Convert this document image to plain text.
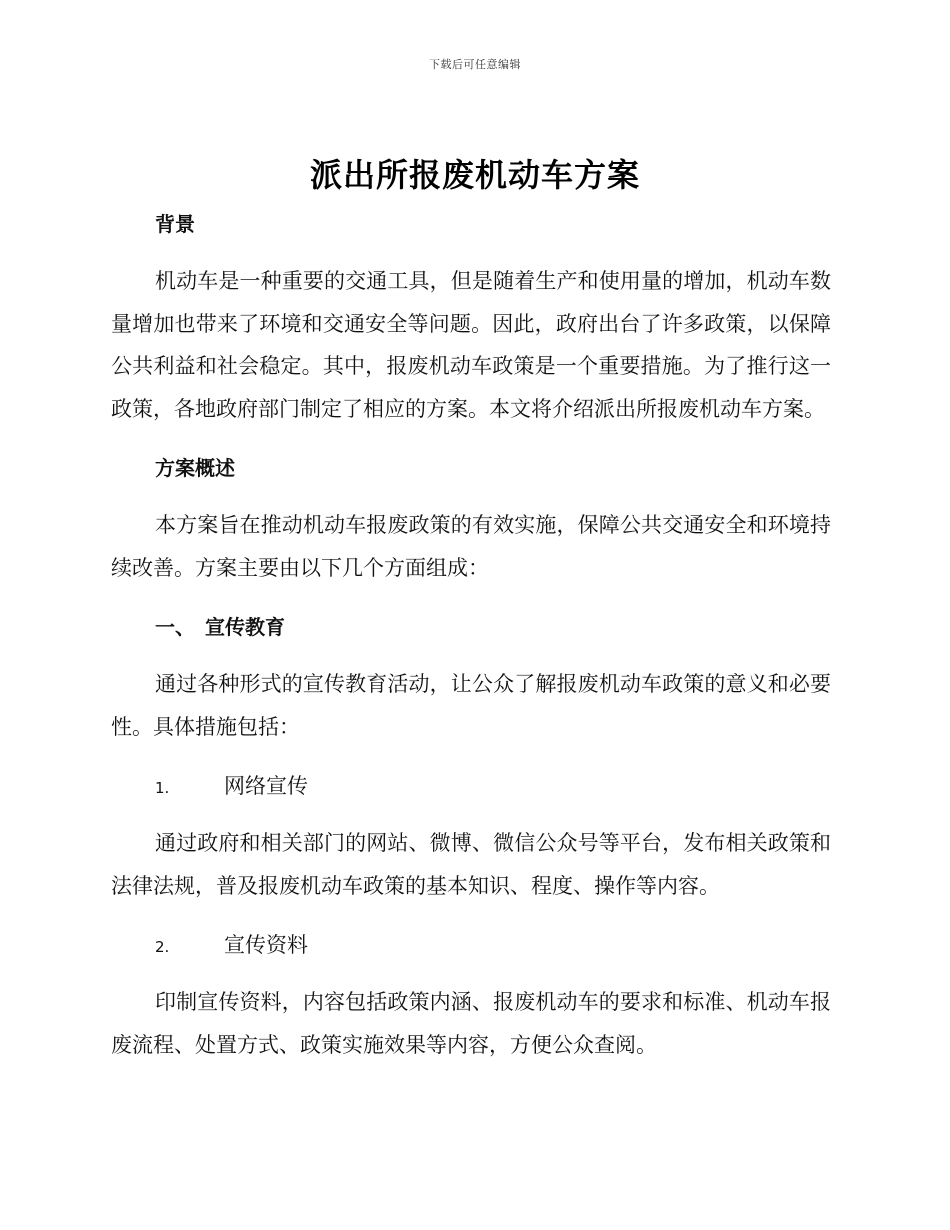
下载后可任意编辑
派出所报废机动车方案
背景

机动车是一种重要的交通工具，但是随着生产和使用量的增加，机动车数量增加也带来了环境和交通安全等问题。因此，政府出台了许多政策，以保障公共利益和社会稳定。其中，报废机动车政策是一个重要措施。为了推行这一政策，各地政府部门制定了相应的方案。本文将介绍派出所报废机动车方案。

方案概述

本方案旨在推动机动车报废政策的有效实施，保障公共交通安全和环境持续改善。方案主要由以下几个方面组成：

一、 宣传教育

通过各种形式的宣传教育活动，让公众了解报废机动车政策的意义和必要性。具体措施包括：

1.	网络宣传

通过政府和相关部门的网站、微博、微信公众号等平台，发布相关政策和法律法规，普及报废机动车政策的基本知识、程度、操作等内容。

2.	宣传资料

印制宣传资料，内容包括政策内涵、报废机动车的要求和标准、机动车报废流程、处置方式、政策实施效果等内容，方便公众查阅。
